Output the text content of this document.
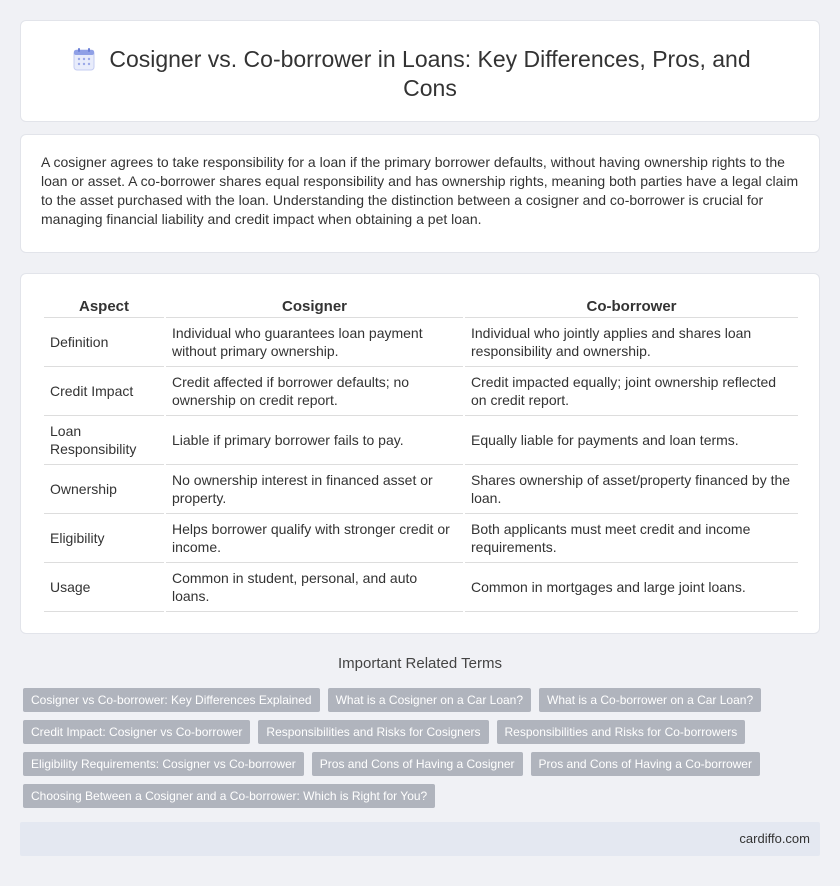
Cosigner vs. Co-borrower in Loans: Key Differences, Pros, and Cons

A cosigner agrees to take responsibility for a loan if the primary borrower defaults, without having ownership rights to the loan or asset. A co-borrower shares equal responsibility and has ownership rights, meaning both parties have a legal claim to the asset purchased with the loan. Understanding the distinction between a cosigner and co-borrower is crucial for managing financial liability and credit impact when obtaining a pet loan.

Aspect	Cosigner	Co-borrower
Definition	Individual who guarantees loan payment without primary ownership.	Individual who jointly applies and shares loan responsibility and ownership.
Credit Impact	Credit affected if borrower defaults; no ownership on credit report.	Credit impacted equally; joint ownership reflected on credit report.
Loan Responsibility	Liable if primary borrower fails to pay.	Equally liable for payments and loan terms.
Ownership	No ownership interest in financed asset or property.	Shares ownership of asset/property financed by the loan.
Eligibility	Helps borrower qualify with stronger credit or income.	Both applicants must meet credit and income requirements.
Usage	Common in student, personal, and auto loans.	Common in mortgages and large joint loans.
Important Related Terms
Cosigner vs Co-borrower: Key Differences Explained	What is a Cosigner on a Car Loan?	What is a Co-borrower on a Car Loan?
Credit Impact: Cosigner vs Co-borrower	Responsibilities and Risks for Cosigners	Responsibilities and Risks for Co-borrowers
Eligibility Requirements: Cosigner vs Co-borrower	Pros and Cons of Having a Cosigner	Pros and Cons of Having a Co-borrower
Choosing Between a Cosigner and a Co-borrower: Which is Right for You?
cardiffo.com
